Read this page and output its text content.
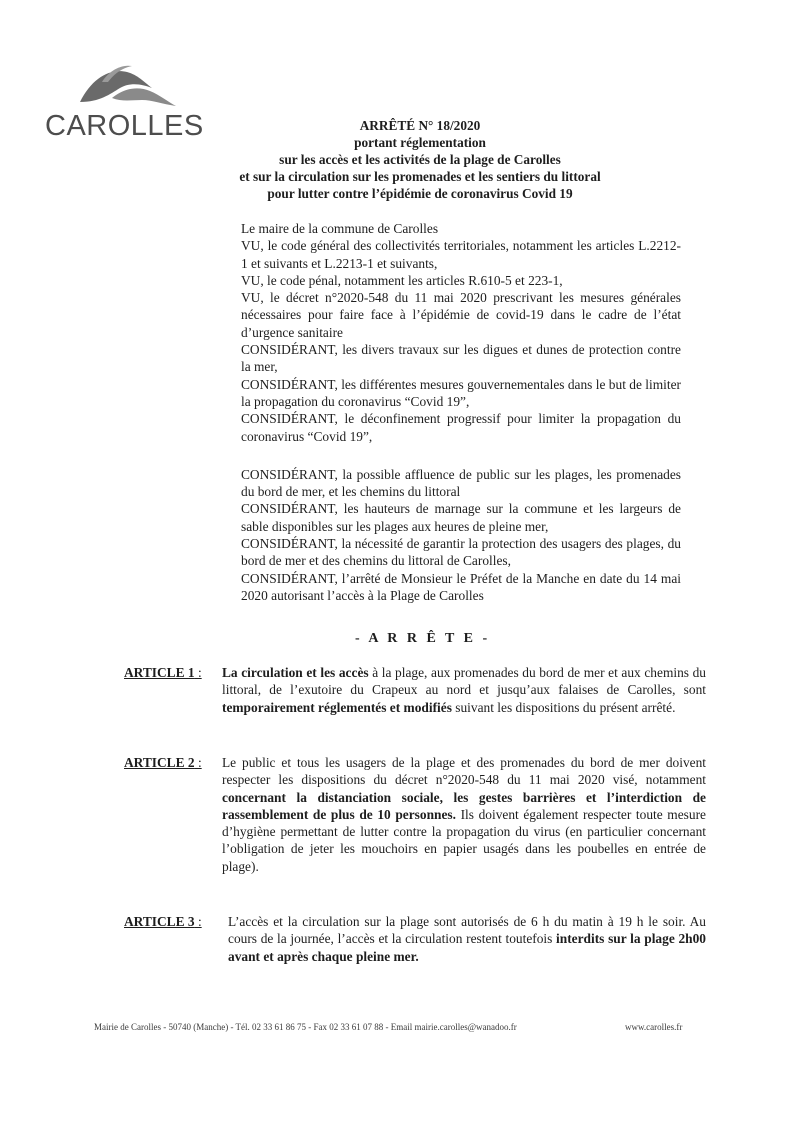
CAROLLES	ARRÊTÉ N° 18/2020
portant réglementation
sur les accès et les activités de la plage de Carolles
et sur la circulation sur les promenades et les sentiers du littoral
pour lutter contre l’épidémie de coronavirus Covid 19

Le maire de la commune de Carolles

VU, le code général des collectivités territoriales, notamment les articles L.2212-1 et suivants et L.2213-1 et suivants,

VU, le code pénal, notamment les articles R.610-5 et 223-1,

VU, le décret n°2020-548 du 11 mai 2020 prescrivant les mesures générales nécessaires pour faire face à l’épidémie de covid-19 dans le cadre de l’état d’urgence sanitaire

CONSIDÉRANT, les divers travaux sur les digues et dunes de protection contre la mer,

CONSIDÉRANT, les différentes mesures gouvernementales dans le but de limiter la propagation du coronavirus “Covid 19”,

CONSIDÉRANT, le déconfinement progressif pour limiter la propagation du coronavirus “Covid 19”,

CONSIDÉRANT, la possible affluence de public sur les plages, les promenades du bord de mer, et les chemins du littoral

CONSIDÉRANT, les hauteurs de marnage sur la commune et les largeurs de sable disponibles sur les plages aux heures de pleine mer,

CONSIDÉRANT, la nécessité de garantir la protection des usagers des plages, du bord de mer et des chemins du littoral de Carolles,

CONSIDÉRANT, l’arrêté de Monsieur le Préfet de la Manche en date du 14 mai 2020 autorisant l’accès à la Plage de Carolles

- A R R Ê T E -
ARTICLE 1 : La circulation et les accès à la plage, aux promenades du bord de mer et aux chemins du littoral, de l’exutoire du Crapeux au nord et jusqu’aux falaises de Carolles, sont temporairement réglementés et modifiés suivant les dispositions du présent arrêté.
ARTICLE 2 : Le public et tous les usagers de la plage et des promenades du bord de mer doivent respecter les dispositions du décret n°2020-548 du 11 mai 2020 visé, notamment concernant la distanciation sociale, les gestes barrières et l’interdiction de rassemblement de plus de 10 personnes. Ils doivent également respecter toute mesure d’hygiène permettant de lutter contre la propagation du virus (en particulier concernant l’obligation de jeter les mouchoirs en papier usagés dans les poubelles en entrée de plage).
ARTICLE 3 : L’accès et la circulation sur la plage sont autorisés de 6 h du matin à 19 h le soir. Au cours de la journée, l’accès et la circulation restent toutefois interdits sur la plage 2h00 avant et après chaque pleine mer.
Mairie de Carolles - 50740 (Manche) - Tél. 02 33 61 86 75 - Fax 02 33 61 07 88 - Email mairie.carolles@wanadoo.fr	www.carolles.fr
